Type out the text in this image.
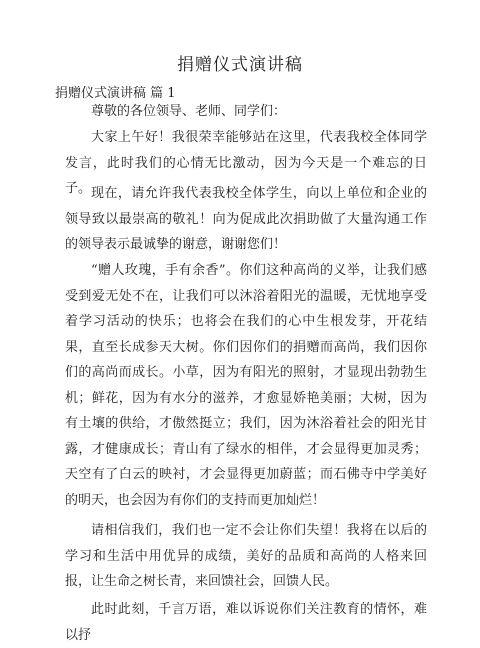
捐赠仪式演讲稿
捐赠仪式演讲稿 篇 1

尊敬的各位领导、老师、同学们：

大家上午好！我很荣幸能够站在这里，代表我校全体同学发言，此时我们的心情无比激动，因为今天是一个难忘的日子。 现在，请允许我代表我校全体学生，向以上单位和企业的领导致以最崇高的敬礼！向为促成此次捐助做了大量沟通工作的领导表示最诚挚的谢意，谢谢您们！

“赠人玫瑰，手有余香”。你们这种高尚的义举，让我们感受到爱无处不在，让我们可以沐浴着阳光的温暖，无忧地享受着学习活动的快乐；也将会在我们的心中生根发芽，开花结果，直至长成参天大树。你们因你们的捐赠而高尚，我们因你们的高尚而成长。小草，因为有阳光的照射，才显现出勃勃生机；鲜花，因为有水分的滋养，才愈显娇艳美丽；大树，因为有土壤的供给，才傲然挺立；我们，因为沐浴着社会的阳光甘露，才健康成长；青山有了绿水的相伴，才会显得更加灵秀；天空有了白云的映衬，才会显得更加蔚蓝；而石佛寺中学美好的明天，也会因为有你们的支持而更加灿烂！

请相信我们，我们也一定不会让你们失望！我将在以后的学习和生活中用优异的成绩，美好的品质和高尚的人格来回报，让生命之树长青，来回馈社会，回馈人民。

此时此刻，千言万语，难以诉说你们关注教育的情怀，难以抒
